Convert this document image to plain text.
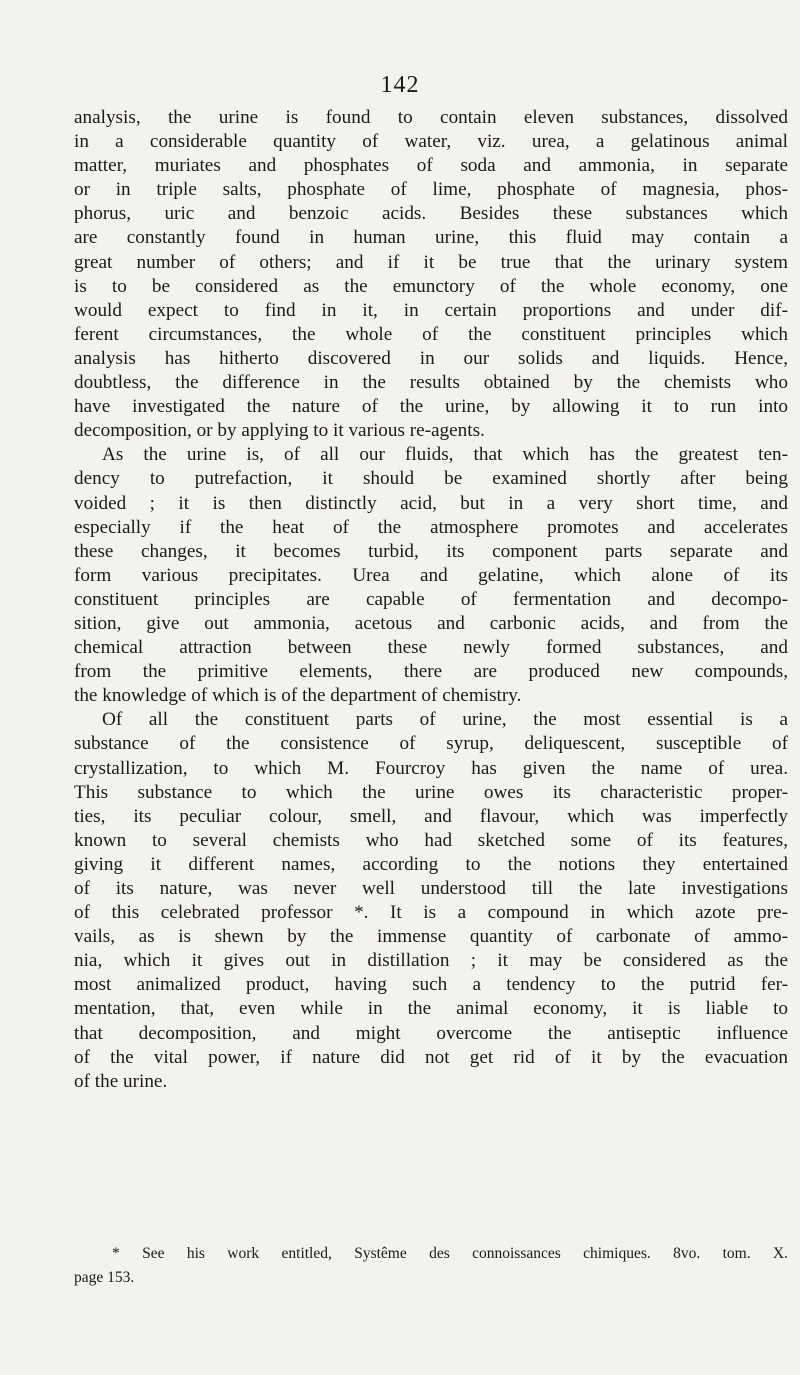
142
analysis, the urine is found to contain eleven substances, dissolved
in a considerable quantity of water, viz. urea, a gelatinous animal
matter, muriates and phosphates of soda and ammonia, in separate
or in triple salts, phosphate of lime, phosphate of magnesia, phos-
phorus, uric and benzoic acids. Besides these substances which
are constantly found in human urine, this fluid may contain a
great number of others; and if it be true that the urinary system
is to be considered as the emunctory of the whole economy, one
would expect to find in it, in certain proportions and under dif-
ferent circumstances, the whole of the constituent principles which
analysis has hitherto discovered in our solids and liquids. Hence,
doubtless, the difference in the results obtained by the chemists who
have investigated the nature of the urine, by allowing it to run into
decomposition, or by applying to it various re-agents.
As the urine is, of all our fluids, that which has the greatest ten-
dency to putrefaction, it should be examined shortly after being
voided ; it is then distinctly acid, but in a very short time, and
especially if the heat of the atmosphere promotes and accelerates
these changes, it becomes turbid, its component parts separate and
form various precipitates. Urea and gelatine, which alone of its
constituent principles are capable of fermentation and decompo-
sition, give out ammonia, acetous and carbonic acids, and from the
chemical attraction between these newly formed substances, and
from the primitive elements, there are produced new compounds,
the knowledge of which is of the department of chemistry.
Of all the constituent parts of urine, the most essential is a
substance of the consistence of syrup, deliquescent, susceptible of
crystallization, to which M. Fourcroy has given the name of urea.
This substance to which the urine owes its characteristic proper-
ties, its peculiar colour, smell, and flavour, which was imperfectly
known to several chemists who had sketched some of its features,
giving it different names, according to the notions they entertained
of its nature, was never well understood till the late investigations
of this celebrated professor *. It is a compound in which azote pre-
vails, as is shewn by the immense quantity of carbonate of ammo-
nia, which it gives out in distillation ; it may be considered as the
most animalized product, having such a tendency to the putrid fer-
mentation, that, even while in the animal economy, it is liable to
that decomposition, and might overcome the antiseptic influence
of the vital power, if nature did not get rid of it by the evacuation
of the urine.
* See his work entitled, Systême des connoissances chimiques. 8vo. tom. X.
page 153.
